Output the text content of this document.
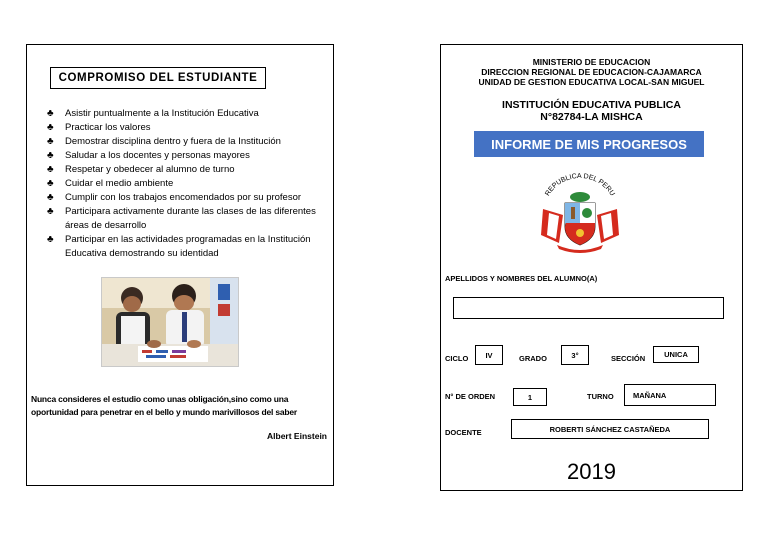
COMPROMISO DEL ESTUDIANTE
♣ Asistir puntualmente a la Institución Educativa
♣ Practicar los valores
♣ Demostrar disciplina dentro y fuera de la Institución
♣ Saludar a los docentes y personas mayores
♣ Respetar y obedecer al alumno de turno
♣ Cuidar el medio ambiente
♣ Cumplir con los trabajos encomendados por su profesor
♣ Participara activamente durante las clases de las diferentes áreas de desarrollo
♣ Participar en las actividades programadas en la Institución Educativa demostrando su identidad
Nunca consideres el estudio como unas obligación,sino como una oportunidad para penetrar en el bello y mundo marivillosos del saber
Albert Einstein
MINISTERIO DE EDUCACION
DIRECCION REGIONAL DE EDUCACION-CAJAMARCA
UNIDAD DE GESTION EDUCATIVA LOCAL-SAN MIGUEL
INSTITUCIÓN EDUCATIVA PUBLICA
N°82784-LA MISHCA
INFORME DE MIS PROGRESOS
REPUBLICA DEL PERU
APELLIDOS Y NOMBRES DEL ALUMNO(A)
CICLO	IV	GRADO	3°	SECCIÓN	UNICA
N° DE ORDEN	1	TURNO	MAÑANA
DOCENTE	ROBERTI SÁNCHEZ CASTAÑEDA
2019
